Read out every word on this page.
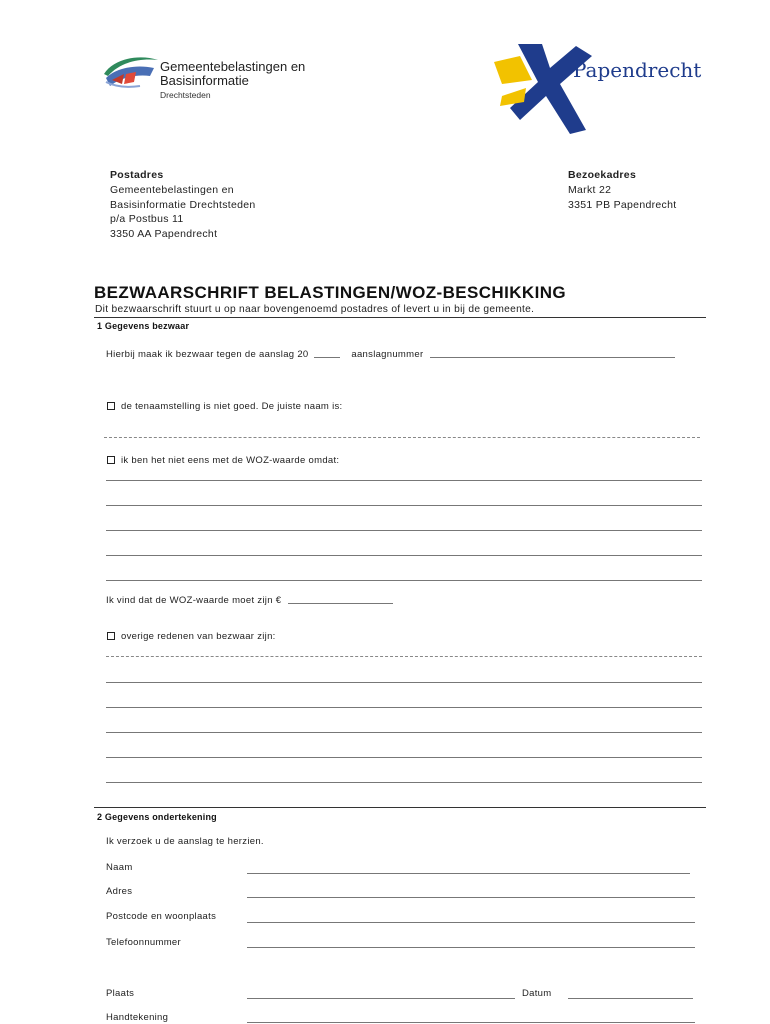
Gemeentebelastingen en
Basisinformatie
Drechtsteden
Papendrecht
Postadres
Gemeentebelastingen en
Basisinformatie Drechtsteden
p/a Postbus 11
3350 AA Papendrecht
Bezoekadres
Markt 22
3351 PB Papendrecht
BEZWAARSCHRIFT BELASTINGEN/WOZ-BESCHIKKING
Dit bezwaarschrift stuurt u op naar bovengenoemd postadres of levert u in bij de gemeente.
1 Gegevens bezwaar
Hierbij maak ik bezwaar tegen de aanslag 20	aanslagnummer
de tenaamstelling is niet goed. De juiste naam is:
ik ben het niet eens met de WOZ-waarde omdat:
Ik vind dat de WOZ-waarde moet zijn €
overige redenen van bezwaar zijn:
2 Gegevens ondertekening
Ik verzoek u de aanslag te herzien.
Naam
Adres
Postcode en woonplaats
Telefoonnummer
Plaats	Datum
Handtekening
